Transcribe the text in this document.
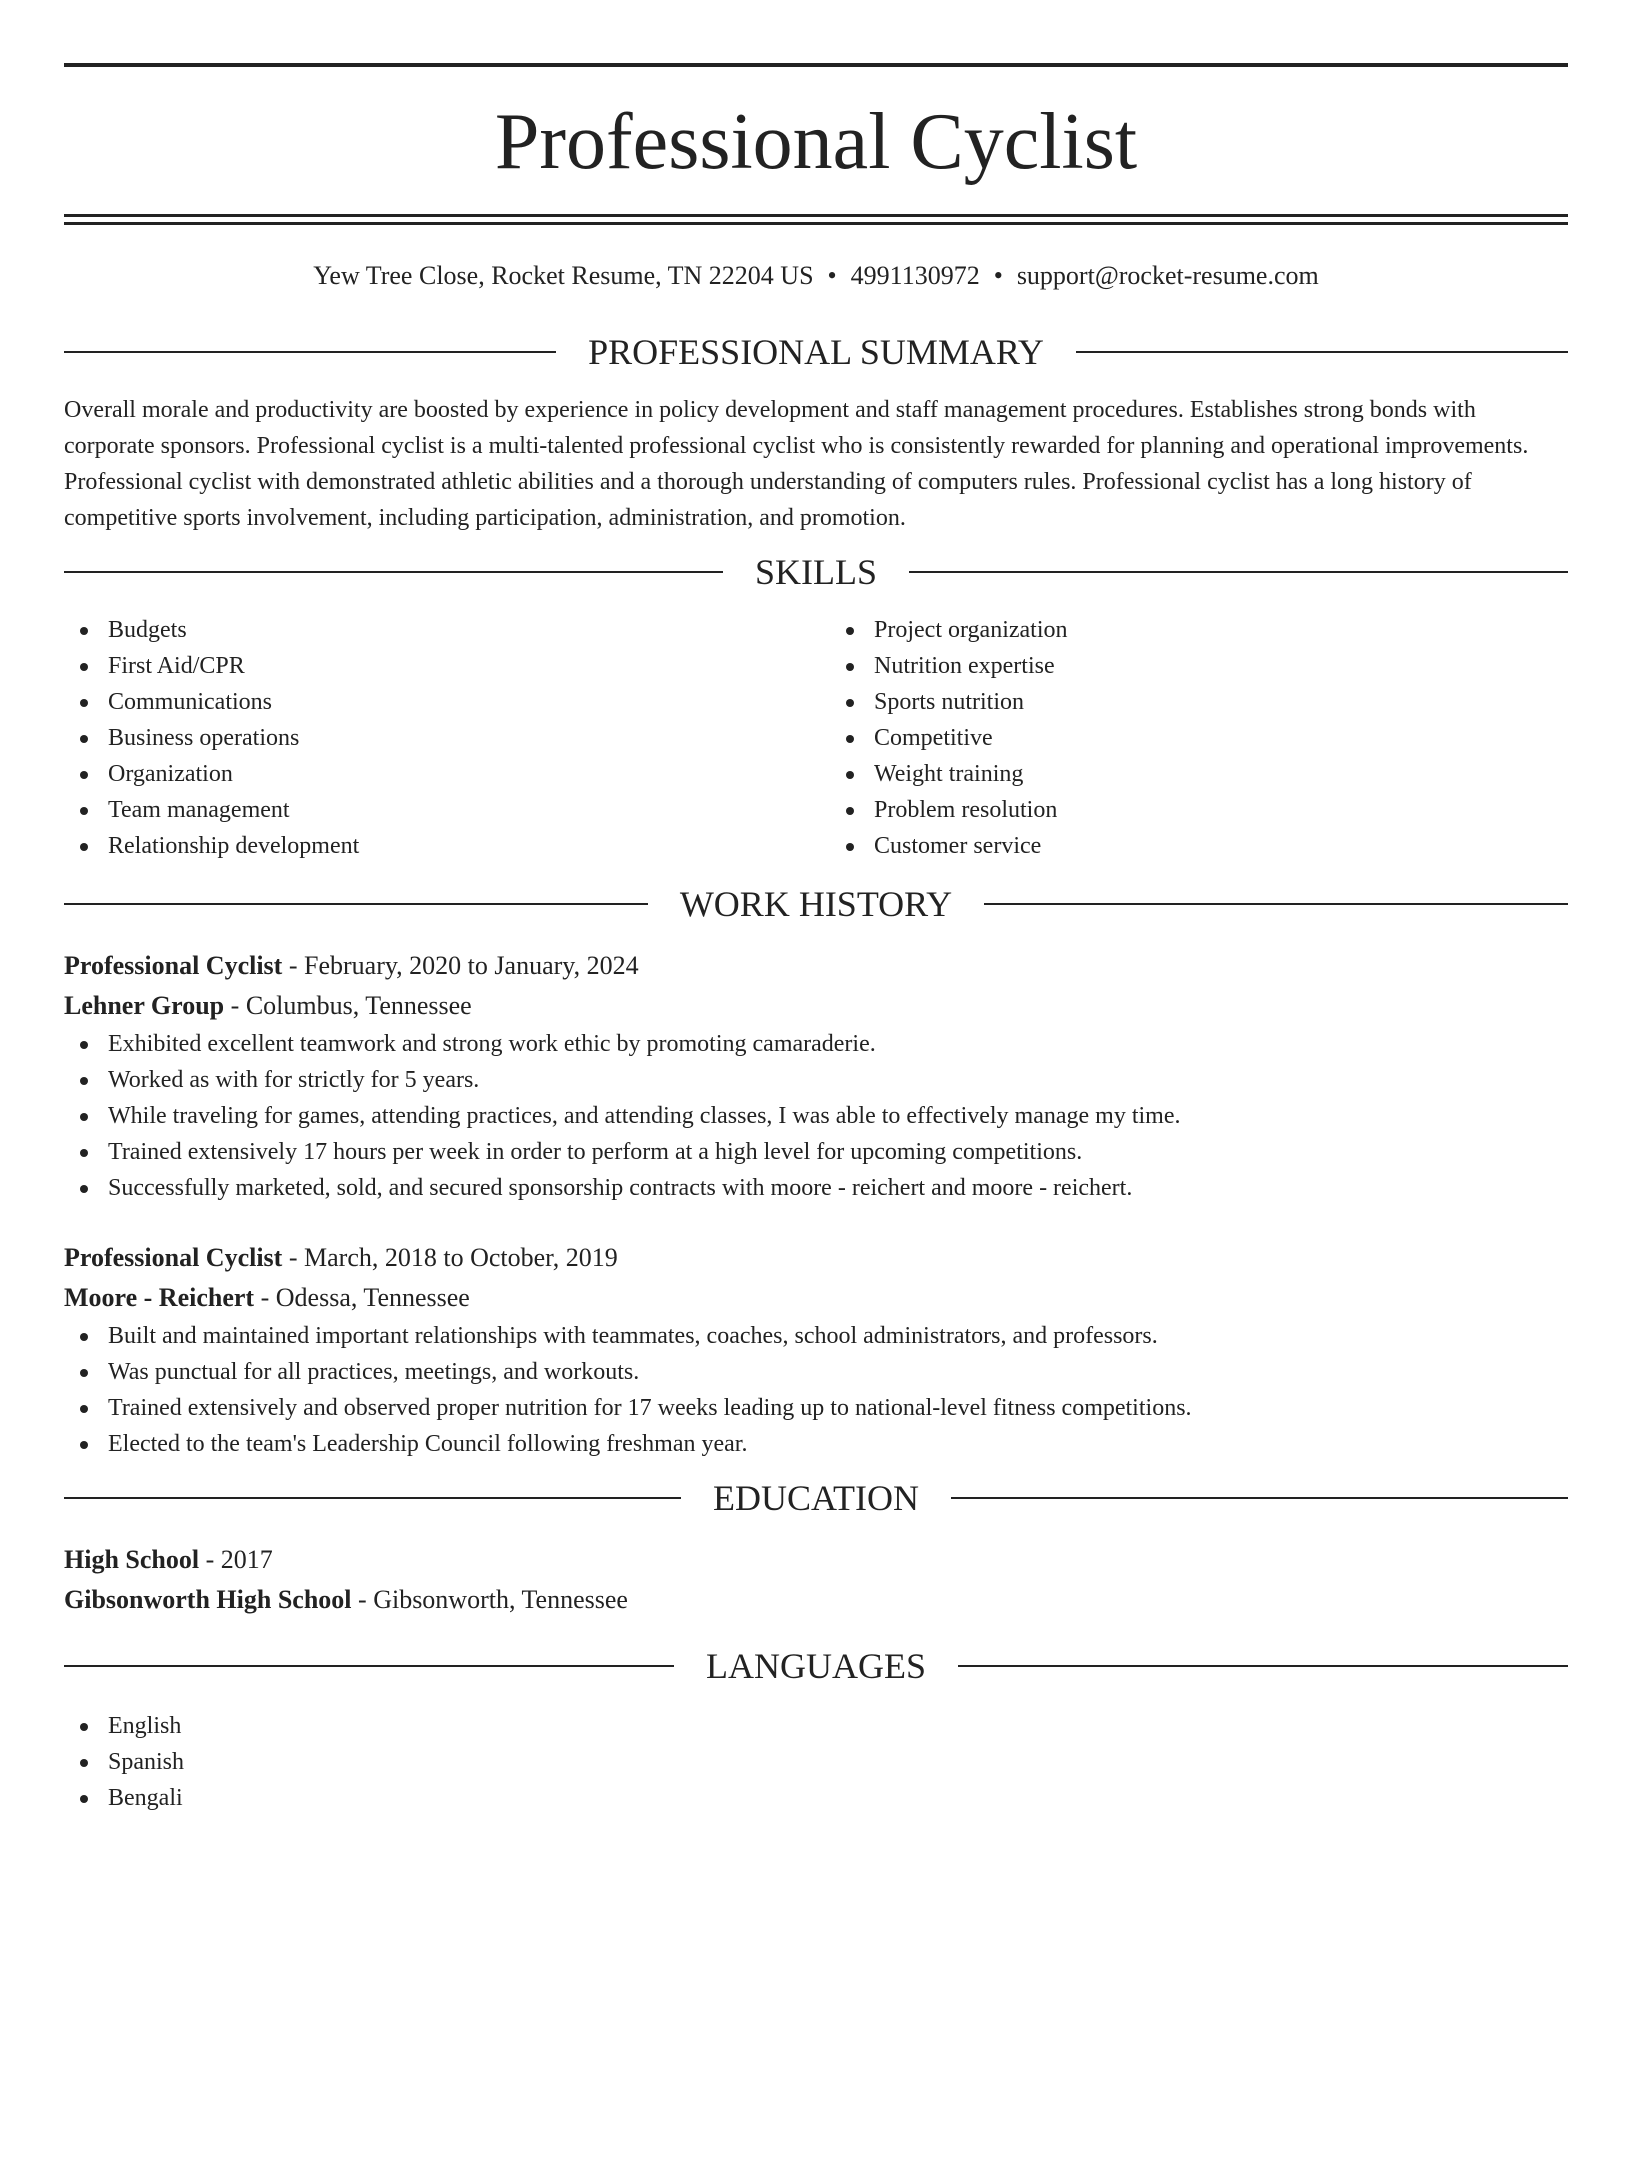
Professional Cyclist
Yew Tree Close, Rocket Resume, TN 22204 US • 4991130972 • support@rocket-resume.com
PROFESSIONAL SUMMARY

Overall morale and productivity are boosted by experience in policy development and staff management procedures. Establishes strong bonds with corporate sponsors. Professional cyclist is a multi-talented professional cyclist who is consistently rewarded for planning and operational improvements. Professional cyclist with demonstrated athletic abilities and a thorough understanding of computers rules. Professional cyclist has a long history of competitive sports involvement, including participation, administration, and promotion.

SKILLS
Budgets
First Aid/CPR
Communications
Business operations
Organization
Team management
Relationship development
Project organization
Nutrition expertise
Sports nutrition
Competitive
Weight training
Problem resolution
Customer service
WORK HISTORY
Professional Cyclist - February, 2020 to January, 2024
Lehner Group - Columbus, Tennessee
Exhibited excellent teamwork and strong work ethic by promoting camaraderie.
Worked as with for strictly for 5 years.
While traveling for games, attending practices, and attending classes, I was able to effectively manage my time.
Trained extensively 17 hours per week in order to perform at a high level for upcoming competitions.
Successfully marketed, sold, and secured sponsorship contracts with moore - reichert and moore - reichert.
Professional Cyclist - March, 2018 to October, 2019
Moore - Reichert - Odessa, Tennessee
Built and maintained important relationships with teammates, coaches, school administrators, and professors.
Was punctual for all practices, meetings, and workouts.
Trained extensively and observed proper nutrition for 17 weeks leading up to national-level fitness competitions.
Elected to the team's Leadership Council following freshman year.
EDUCATION
High School - 2017
Gibsonworth High School - Gibsonworth, Tennessee
LANGUAGES
English
Spanish
Bengali
